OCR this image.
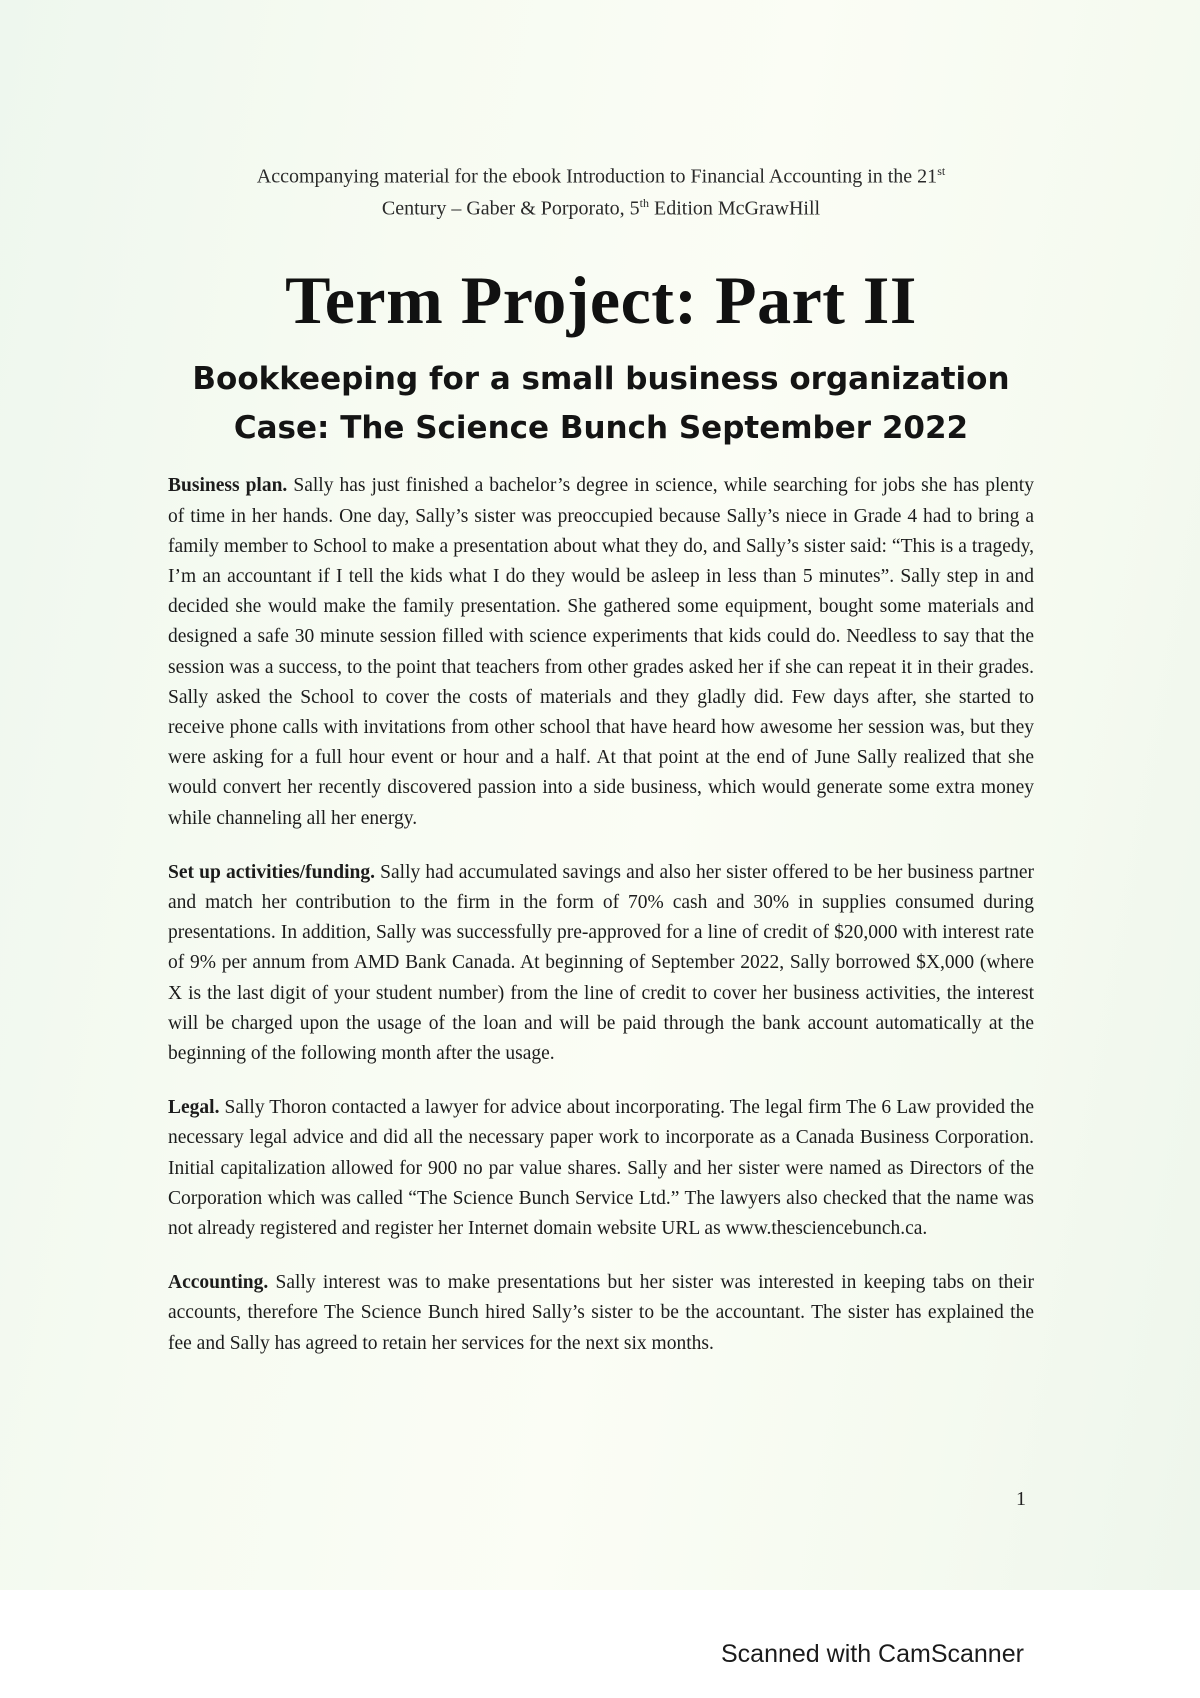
Accompanying material for the ebook Introduction to Financial Accounting in the 21st
Century – Gaber & Porporato, 5th Edition McGrawHill
Term Project: Part II
Bookkeeping for a small business organization
Case: The Science Bunch September 2022

Business plan. Sally has just finished a bachelor’s degree in science, while searching for jobs she has plenty of time in her hands. One day, Sally’s sister was preoccupied because Sally’s niece in Grade 4 had to bring a family member to School to make a presentation about what they do, and Sally’s sister said: “This is a tragedy, I’m an accountant if I tell the kids what I do they would be asleep in less than 5 minutes”. Sally step in and decided she would make the family presentation. She gathered some equipment, bought some materials and designed a safe 30 minute session filled with science experiments that kids could do. Needless to say that the session was a success, to the point that teachers from other grades asked her if she can repeat it in their grades. Sally asked the School to cover the costs of materials and they gladly did. Few days after, she started to receive phone calls with invitations from other school that have heard how awesome her session was, but they were asking for a full hour event or hour and a half. At that point at the end of June Sally realized that she would convert her recently discovered passion into a side business, which would generate some extra money while channeling all her energy.

Set up activities/funding. Sally had accumulated savings and also her sister offered to be her business partner and match her contribution to the firm in the form of 70% cash and 30% in supplies consumed during presentations. In addition, Sally was successfully pre-approved for a line of credit of $20,000 with interest rate of 9% per annum from AMD Bank Canada. At beginning of September 2022, Sally borrowed $X,000 (where X is the last digit of your student number) from the line of credit to cover her business activities, the interest will be charged upon the usage of the loan and will be paid through the bank account automatically at the beginning of the following month after the usage.

Legal. Sally Thoron contacted a lawyer for advice about incorporating. The legal firm The 6 Law provided the necessary legal advice and did all the necessary paper work to incorporate as a Canada Business Corporation. Initial capitalization allowed for 900 no par value shares. Sally and her sister were named as Directors of the Corporation which was called “The Science Bunch Service Ltd.” The lawyers also checked that the name was not already registered and register her Internet domain website URL as www.thesciencebunch.ca.

Accounting. Sally interest was to make presentations but her sister was interested in keeping tabs on their accounts, therefore The Science Bunch hired Sally’s sister to be the accountant. The sister has explained the fee and Sally has agreed to retain her services for the next six months.

1
Scanned with CamScanner
